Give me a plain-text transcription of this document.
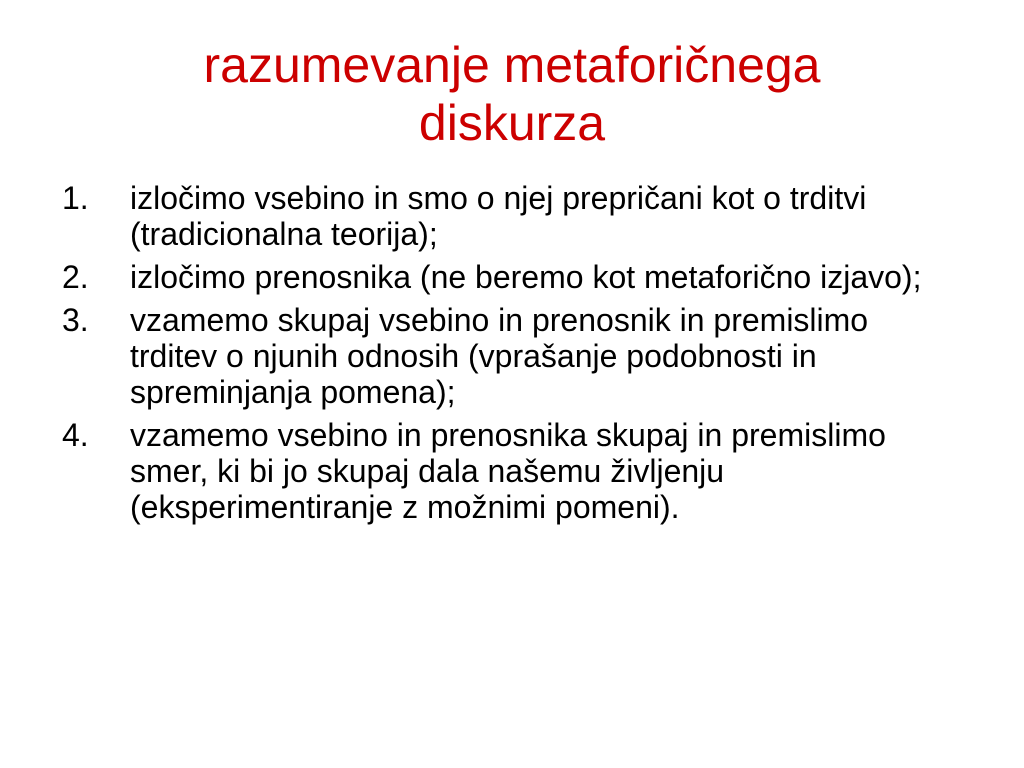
razumevanje metaforičnega
diskurza
1. izločimo vsebino in smo o njej prepričani kot o trditvi (tradicionalna teorija);
2. izločimo prenosnika (ne beremo kot metaforično izjavo);
3. vzamemo skupaj vsebino in prenosnik in premislimo trditev o njunih odnosih (vprašanje podobnosti in spreminjanja pomena);
4. vzamemo vsebino in prenosnika skupaj in premislimo smer, ki bi jo skupaj dala našemu življenju (eksperimentiranje z možnimi pomeni).
